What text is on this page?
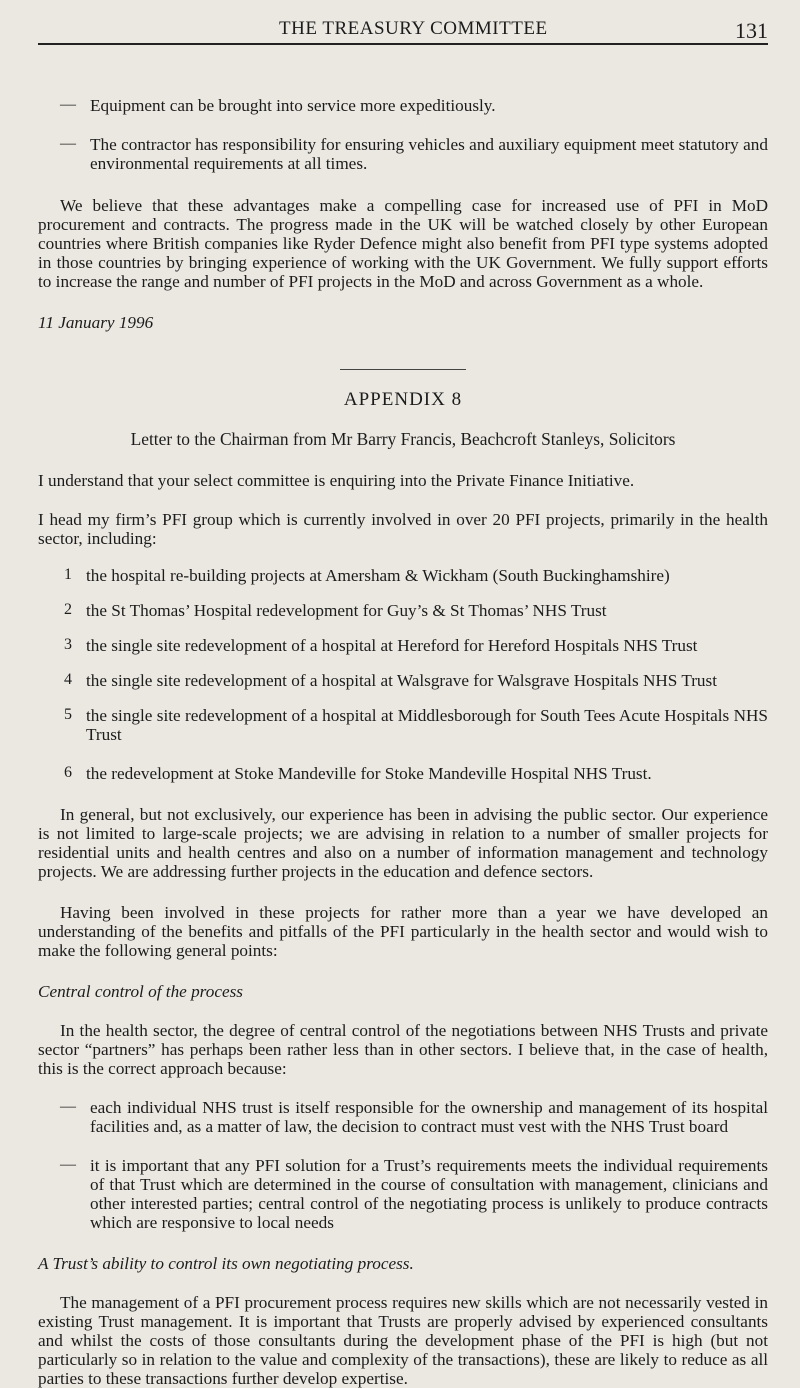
THE TREASURY COMMITTEE	131
— Equipment can be brought into service more expeditiously.

— The contractor has responsibility for ensuring vehicles and auxiliary equipment meet statutory and environmental requirements at all times.

We believe that these advantages make a compelling case for increased use of PFI in MoD procurement and contracts. The progress made in the UK will be watched closely by other European countries where British companies like Ryder Defence might also benefit from PFI type systems adopted in those countries by bringing experience of working with the UK Government. We fully support efforts to increase the range and number of PFI projects in the MoD and across Government as a whole.

11 January 1996

APPENDIX 8

Letter to the Chairman from Mr Barry Francis, Beachcroft Stanleys, Solicitors

I understand that your select committee is enquiring into the Private Finance Initiative.

I head my firm’s PFI group which is currently involved in over 20 PFI projects, primarily in the health sector, including:

1 the hospital re-building projects at Amersham & Wickham (South Buckinghamshire)

2 the St Thomas’ Hospital redevelopment for Guy’s & St Thomas’ NHS Trust

3 the single site redevelopment of a hospital at Hereford for Hereford Hospitals NHS Trust

4 the single site redevelopment of a hospital at Walsgrave for Walsgrave Hospitals NHS Trust

5 the single site redevelopment of a hospital at Middlesborough for South Tees Acute Hospitals NHS Trust

6 the redevelopment at Stoke Mandeville for Stoke Mandeville Hospital NHS Trust.

In general, but not exclusively, our experience has been in advising the public sector. Our experience is not limited to large-scale projects; we are advising in relation to a number of smaller projects for residential units and health centres and also on a number of information management and technology projects. We are addressing further projects in the education and defence sectors.

Having been involved in these projects for rather more than a year we have developed an understanding of the benefits and pitfalls of the PFI particularly in the health sector and would wish to make the following general points:

Central control of the process

In the health sector, the degree of central control of the negotiations between NHS Trusts and private sector “partners” has perhaps been rather less than in other sectors. I believe that, in the case of health, this is the correct approach because:

— each individual NHS trust is itself responsible for the ownership and management of its hospital facilities and, as a matter of law, the decision to contract must vest with the NHS Trust board

— it is important that any PFI solution for a Trust’s requirements meets the individual requirements of that Trust which are determined in the course of consultation with management, clinicians and other interested parties; central control of the negotiating process is unlikely to produce contracts which are responsive to local needs

A Trust’s ability to control its own negotiating process.

The management of a PFI procurement process requires new skills which are not necessarily vested in existing Trust management. It is important that Trusts are properly advised by experienced consultants and whilst the costs of those consultants during the development phase of the PFI is high (but not particularly so in relation to the value and complexity of the transactions), these are likely to reduce as all parties to these transactions further develop expertise.
